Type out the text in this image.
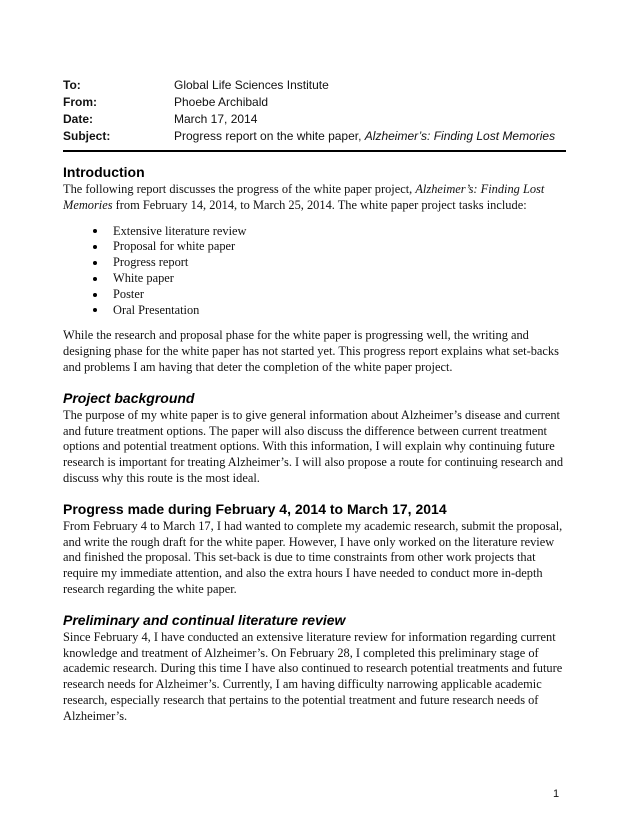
To:	Global Life Sciences Institute
From:	Phoebe Archibald
Date:	March 17, 2014
Subject:	Progress report on the white paper, Alzheimer’s: Finding Lost Memories
Introduction

The following report discusses the progress of the white paper project, Alzheimer’s: Finding Lost Memories from February 14, 2014, to March 25, 2014. The white paper project tasks include:

Extensive literature review
Proposal for white paper
Progress report
White paper
Poster
Oral Presentation

While the research and proposal phase for the white paper is progressing well, the writing and designing phase for the white paper has not started yet. This progress report explains what set-backs and problems I am having that deter the completion of the white paper project.

Project background

The purpose of my white paper is to give general information about Alzheimer’s disease and current and future treatment options. The paper will also discuss the difference between current treatment options and potential treatment options. With this information, I will explain why continuing future research is important for treating Alzheimer’s. I will also propose a route for continuing research and discuss why this route is the most ideal.

Progress made during February 4, 2014 to March 17, 2014

From February 4 to March 17, I had wanted to complete my academic research, submit the proposal, and write the rough draft for the white paper. However, I have only worked on the literature review and finished the proposal. This set-back is due to time constraints from other work projects that require my immediate attention, and also the extra hours I have needed to conduct more in-depth research regarding the white paper.

Preliminary and continual literature review

Since February 4, I have conducted an extensive literature review for information regarding current knowledge and treatment of Alzheimer’s. On February 28, I completed this preliminary stage of academic research. During this time I have also continued to research potential treatments and future research needs for Alzheimer’s. Currently, I am having difficulty narrowing applicable academic research, especially research that pertains to the potential treatment and future research needs of Alzheimer’s.

1
